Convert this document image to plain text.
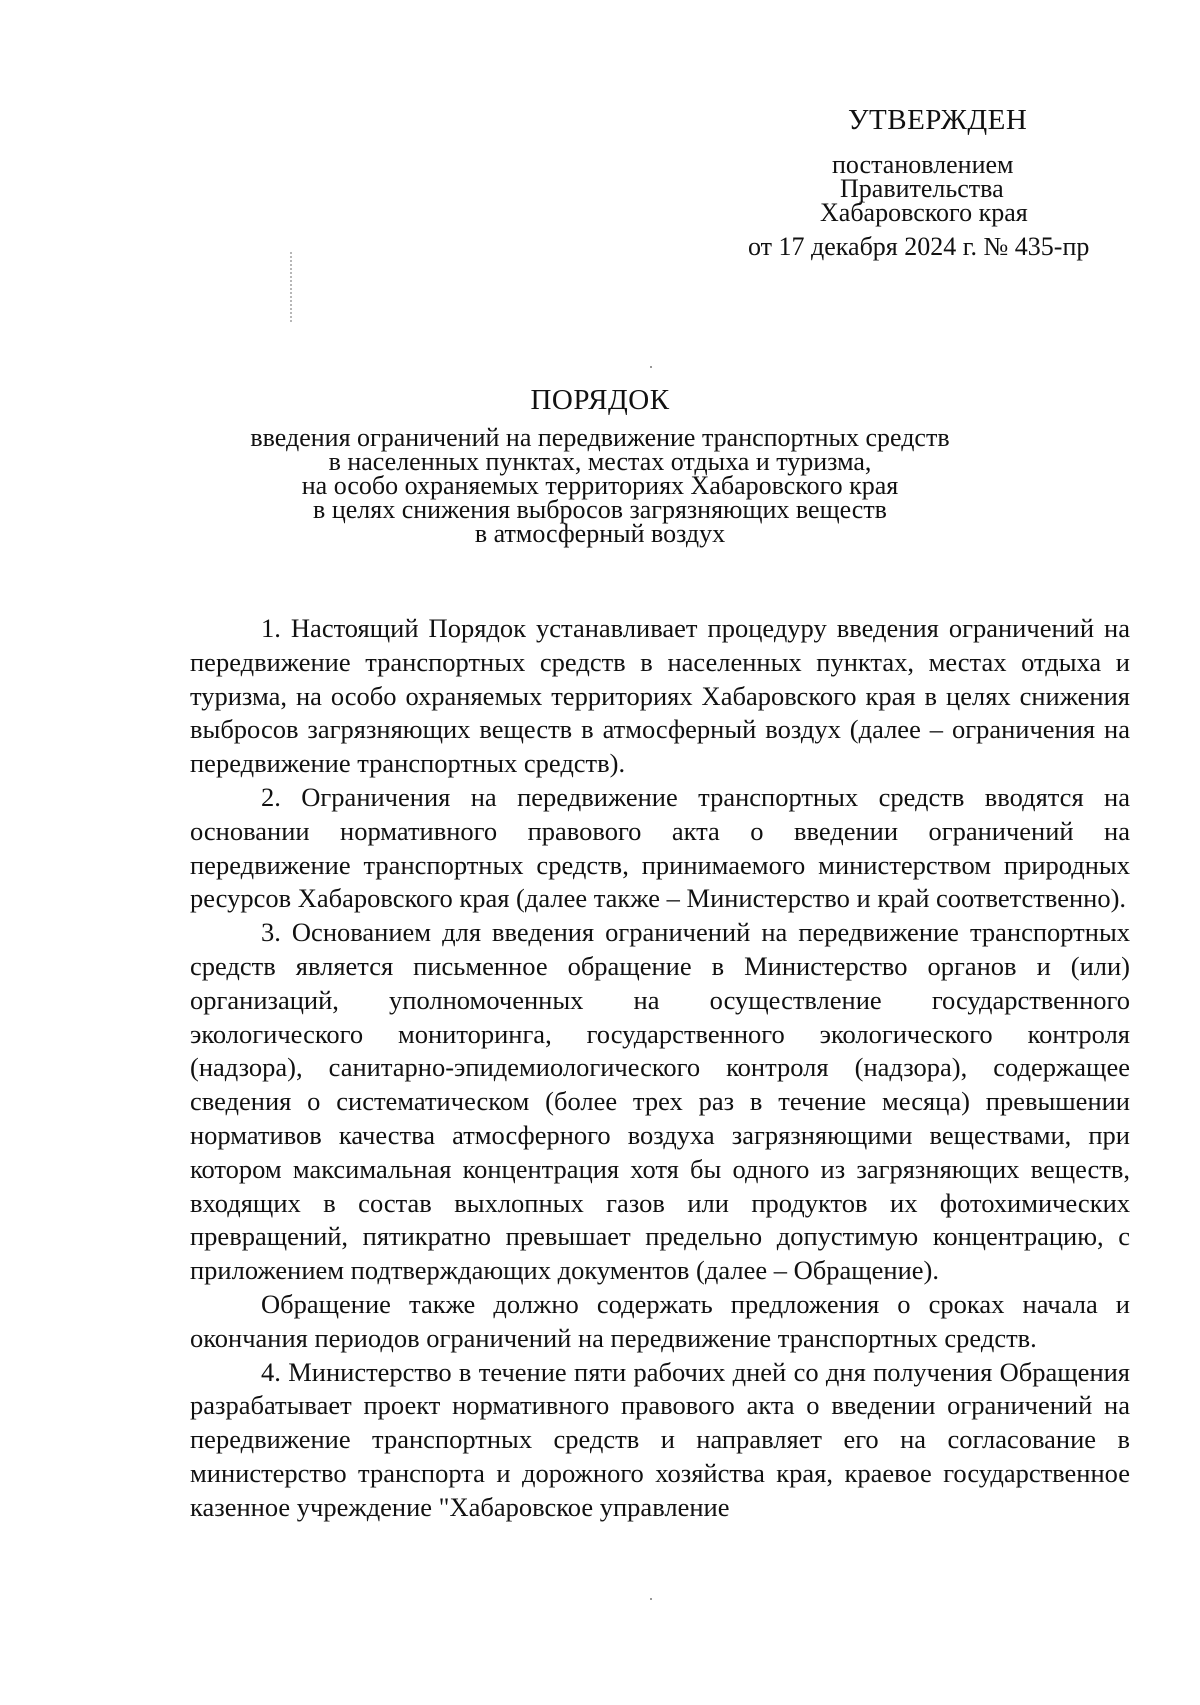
УТВЕРЖДЕН
постановлением
Правительства
Хабаровского края
от 17 декабря 2024 г. № 435-пр
ПОРЯДОК
введения ограничений на передвижение транспортных средств
в населенных пунктах, местах отдыха и туризма,
на особо охраняемых территориях Хабаровского края
в целях снижения выбросов загрязняющих веществ
в атмосферный воздух

1. Настоящий Порядок устанавливает процедуру введения ограничений на передвижение транспортных средств в населенных пунктах, местах отдыха и туризма, на особо охраняемых территориях Хабаровского края в целях снижения выбросов загрязняющих веществ в атмосферный воздух (далее – ограничения на передвижение транспортных средств).

2. Ограничения на передвижение транспортных средств вводятся на основании нормативного правового акта о введении ограничений на передвижение транспортных средств, принимаемого министерством природных ресурсов Хабаровского края (далее также – Министерство и край соответственно).

3. Основанием для введения ограничений на передвижение транспортных средств является письменное обращение в Министерство органов и (или) организаций, уполномоченных на осуществление государственного экологического мониторинга, государственного экологического контроля (надзора), санитарно-эпидемиологического контроля (надзора), содержащее сведения о систематическом (более трех раз в течение месяца) превышении нормативов качества атмосферного воздуха загрязняющими веществами, при котором максимальная концентрация хотя бы одного из загрязняющих веществ, входящих в состав выхлопных газов или продуктов их фотохимических превращений, пятикратно превышает предельно допустимую концентрацию, с приложением подтверждающих документов (далее – Обращение).

Обращение также должно содержать предложения о сроках начала и окончания периодов ограничений на передвижение транспортных средств.

4. Министерство в течение пяти рабочих дней со дня получения Обращения разрабатывает проект нормативного правового акта о введении ограничений на передвижение транспортных средств и направляет его на согласование в министерство транспорта и дорожного хозяйства края, краевое государственное казенное учреждение "Хабаровское управление
